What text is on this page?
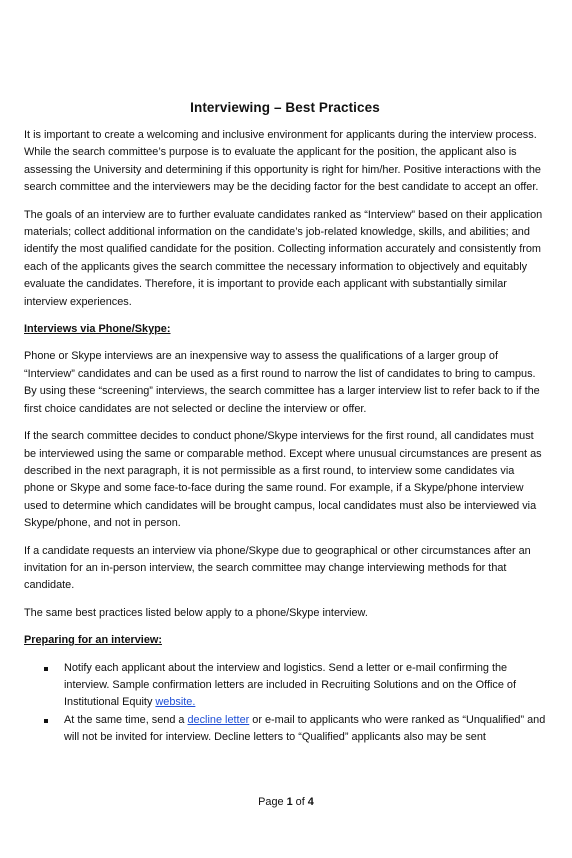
Interviewing – Best Practices

It is important to create a welcoming and inclusive environment for applicants during the interview process. While the search committee’s purpose is to evaluate the applicant for the position, the applicant also is assessing the University and determining if this opportunity is right for him/her. Positive interactions with the search committee and the interviewers may be the deciding factor for the best candidate to accept an offer.

The goals of an interview are to further evaluate candidates ranked as “Interview” based on their application materials; collect additional information on the candidate’s job-related knowledge, skills, and abilities; and identify the most qualified candidate for the position. Collecting information accurately and consistently from each of the applicants gives the search committee the necessary information to objectively and equitably evaluate the candidates. Therefore, it is important to provide each applicant with substantially similar interview experiences.

Interviews via Phone/Skype:

Phone or Skype interviews are an inexpensive way to assess the qualifications of a larger group of “Interview” candidates and can be used as a first round to narrow the list of candidates to bring to campus. By using these “screening” interviews, the search committee has a larger interview list to refer back to if the first choice candidates are not selected or decline the interview or offer.

If the search committee decides to conduct phone/Skype interviews for the first round, all candidates must be interviewed using the same or comparable method. Except where unusual circumstances are present as described in the next paragraph, it is not permissible as a first round, to interview some candidates via phone or Skype and some face-to-face during the same round. For example, if a Skype/phone interview used to determine which candidates will be brought campus, local candidates must also be interviewed via Skype/phone, and not in person.

If a candidate requests an interview via phone/Skype due to geographical or other circumstances after an invitation for an in-person interview, the search committee may change interviewing methods for that candidate.

The same best practices listed below apply to a phone/Skype interview.

Preparing for an interview:
Notify each applicant about the interview and logistics. Send a letter or e-mail confirming the interview. Sample confirmation letters are included in Recruiting Solutions and on the Office of Institutional Equity website.
At the same time, send a decline letter or e-mail to applicants who were ranked as “Unqualified” and will not be invited for interview. Decline letters to “Qualified” applicants also may be sent
Page 1 of 4
